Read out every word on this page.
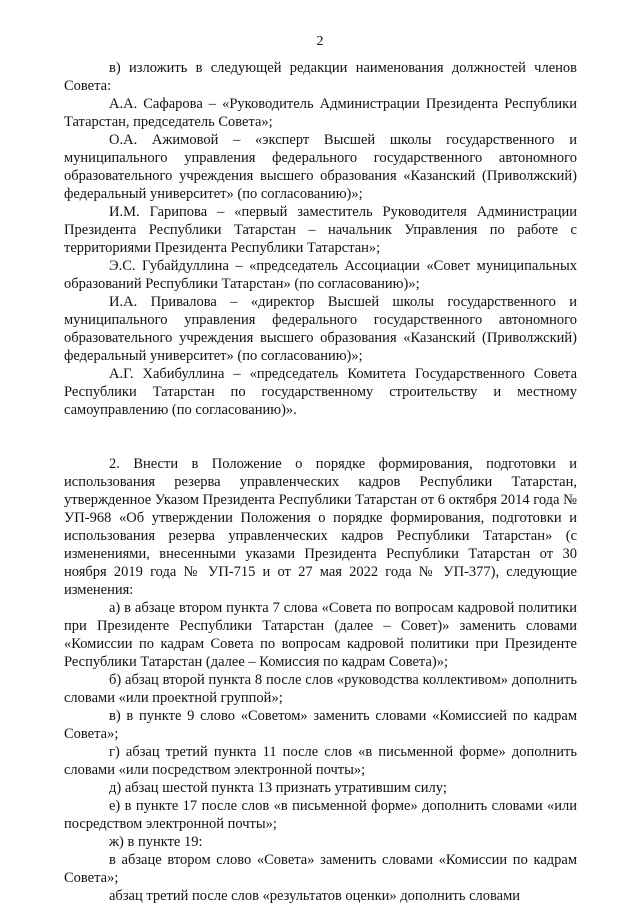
2

в) изложить в следующей редакции наименования должностей членов Совета:

А.А. Сафарова – «Руководитель Администрации Президента Республики Татарстан, председатель Совета»;

О.А. Ажимовой – «эксперт Высшей школы государственного и муниципального управления федерального государственного автономного образовательного учреждения высшего образования «Казанский (Приволжский) федеральный университет» (по согласованию)»;

И.М. Гарипова – «первый заместитель Руководителя Администрации Президента Республики Татарстан – начальник Управления по работе с территориями Президента Республики Татарстан»;

Э.С. Губайдуллина – «председатель Ассоциации «Совет муниципальных образований Республики Татарстан» (по согласованию)»;

И.А. Привалова – «директор Высшей школы государственного и муниципального управления федерального государственного автономного образовательного учреждения высшего образования «Казанский (Приволжский) федеральный университет» (по согласованию)»;

А.Г. Хабибуллина – «председатель Комитета Государственного Совета Республики Татарстан по государственному строительству и местному самоуправлению (по согласованию)».

2. Внести в Положение о порядке формирования, подготовки и использования резерва управленческих кадров Республики Татарстан, утвержденное Указом Президента Республики Татарстан от 6 октября 2014 года № УП-968 «Об утверждении Положения о порядке формирования, подготовки и использования резерва управленческих кадров Республики Татарстан» (с изменениями, внесенными указами Президента Республики Татарстан от 30 ноября 2019 года № УП-715 и от 27 мая 2022 года № УП-377), следующие изменения:

а) в абзаце втором пункта 7 слова «Совета по вопросам кадровой политики при Президенте Республики Татарстан (далее – Совет)» заменить словами «Комиссии по кадрам Совета по вопросам кадровой политики при Президенте Республики Татарстан (далее – Комиссия по кадрам Совета)»;

б) абзац второй пункта 8 после слов «руководства коллективом» дополнить словами «или проектной группой»;

в) в пункте 9 слово «Советом» заменить словами «Комиссией по кадрам Совета»;

г) абзац третий пункта 11 после слов «в письменной форме» дополнить словами «или посредством электронной почты»;

д) абзац шестой пункта 13 признать утратившим силу;

е) в пункте 17 после слов «в письменной форме» дополнить словами «или посредством электронной почты»;

ж) в пункте 19:

в абзаце втором слово «Совета» заменить словами «Комиссии по кадрам Совета»;

абзац третий после слов «результатов оценки» дополнить словами
